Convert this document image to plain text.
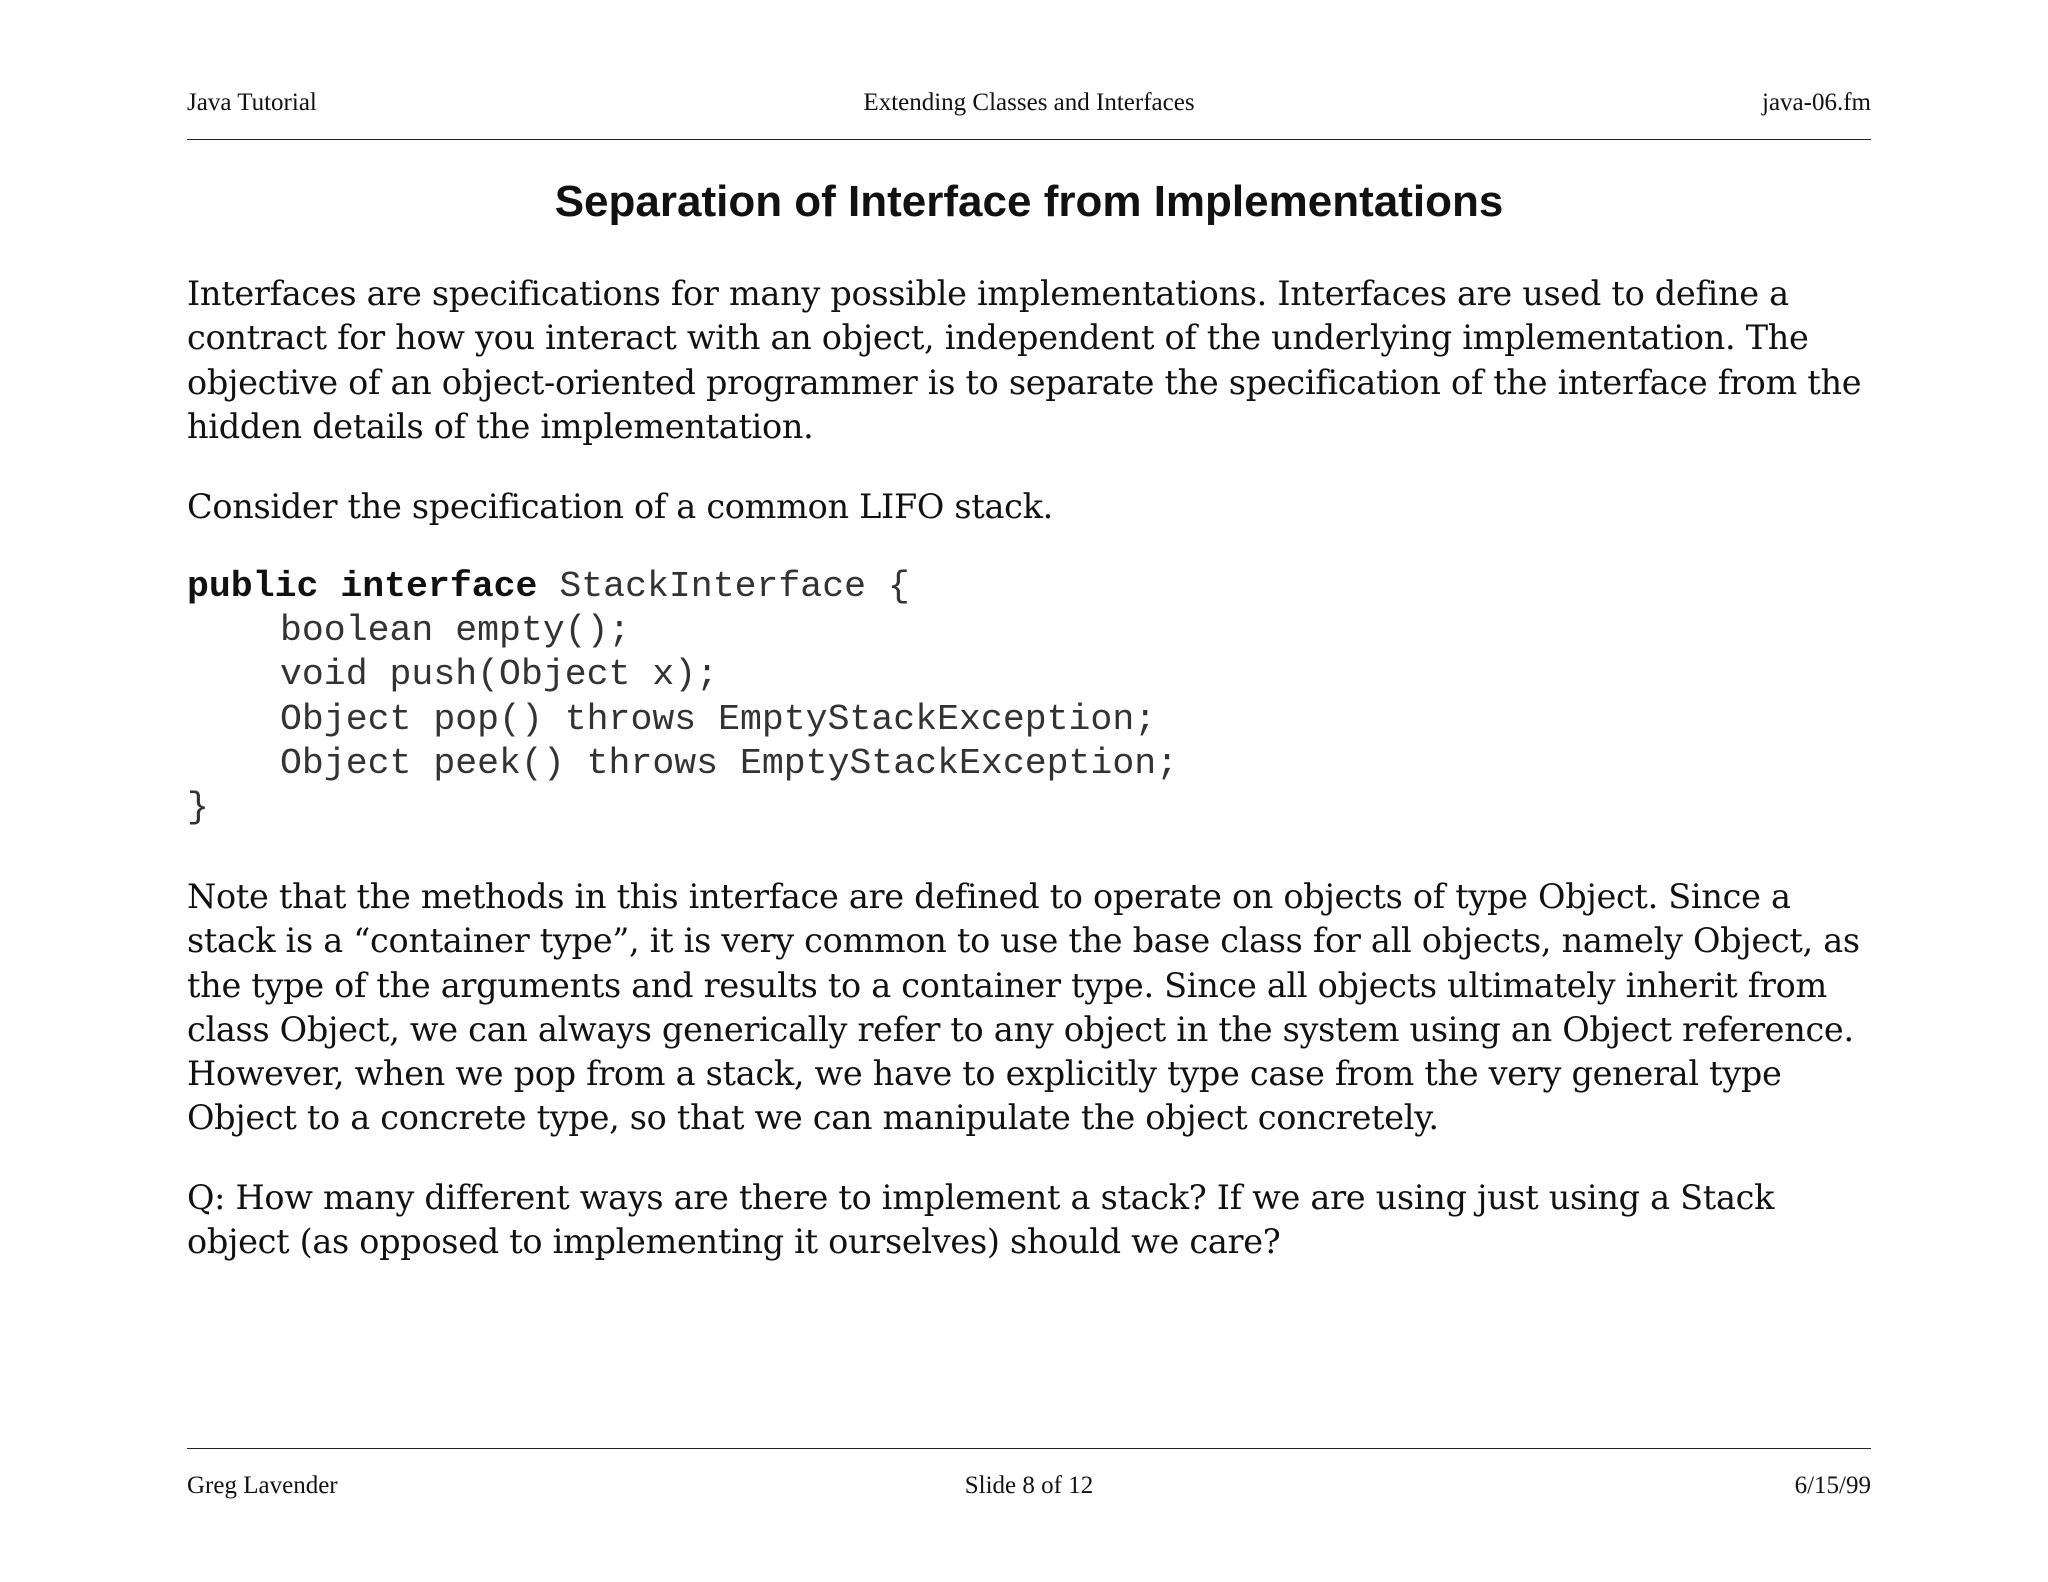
Java Tutorial	Extending Classes and Interfaces	java-06.fm
Separation of Interface from Implementations

Interfaces are specifications for many possible implementations. Interfaces are used to define a contract for how you interact with an object, independent of the underlying implementation. The objective of an object-oriented programmer is to separate the specification of the interface from the hidden details of the implementation.

Consider the specification of a common LIFO stack.

public interface StackInterface {
boolean empty();
void push(Object x);
Object pop() throws EmptyStackException;
Object peek() throws EmptyStackException;
}

Note that the methods in this interface are defined to operate on objects of type Object. Since a stack is a “container type”, it is very common to use the base class for all objects, namely Object, as the type of the arguments and results to a container type. Since all objects ultimately inherit from class Object, we can always generically refer to any object in the system using an Object reference. However, when we pop from a stack, we have to explicitly type case from the very general type Object to a concrete type, so that we can manipulate the object concretely.

Q: How many different ways are there to implement a stack? If we are using just using a Stack object (as opposed to implementing it ourselves) should we care?

Greg Lavender	Slide 8 of 12	6/15/99
